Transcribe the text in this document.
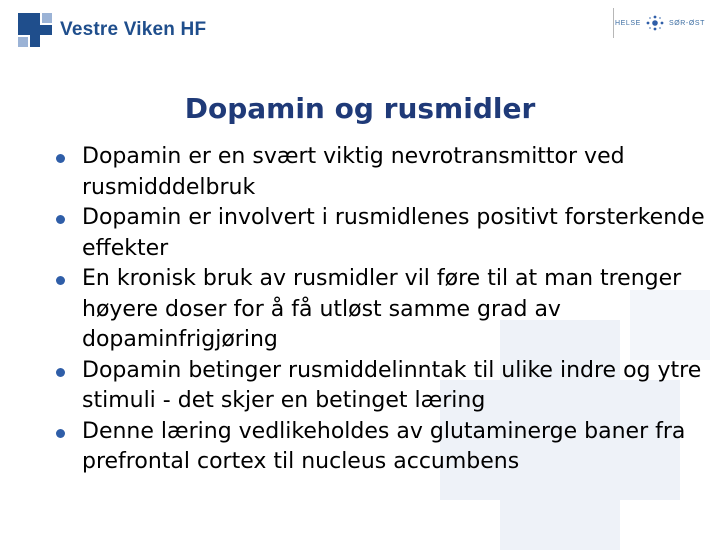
Vestre Viken HF	HELSE	SØR-ØST
Dopamin og rusmidler
Dopamin er en svært viktig nevrotransmittor ved rusmidddelbruk
Dopamin er involvert i rusmidlenes positivt forsterkende effekter
En kronisk bruk av rusmidler vil føre til at man trenger høyere doser for å få utløst samme grad av dopaminfrigjøring
Dopamin betinger rusmiddelinntak til ulike indre og ytre stimuli - det skjer en betinget læring
Denne læring vedlikeholdes av glutaminerge baner fra prefrontal cortex til nucleus accumbens
